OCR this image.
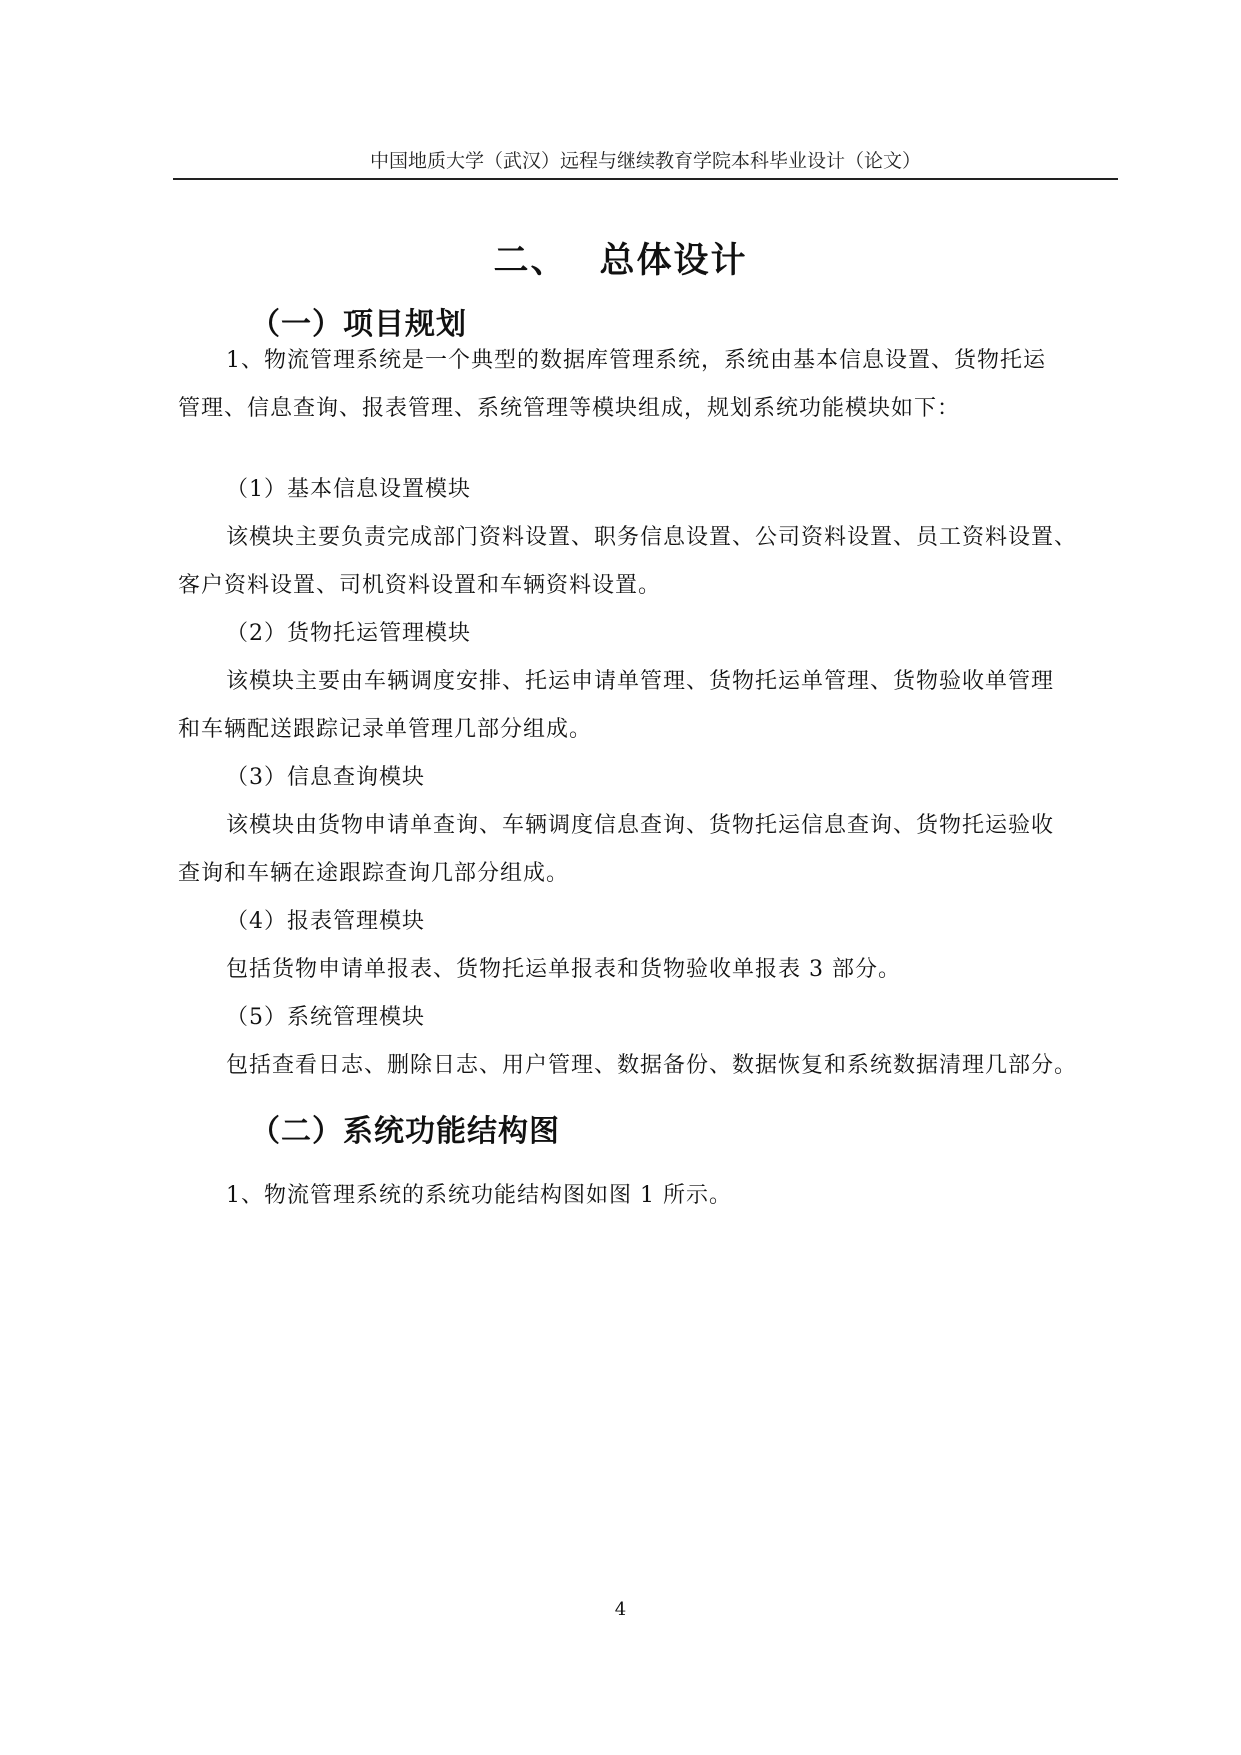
中国地质大学（武汉）远程与继续教育学院本科毕业设计（论文）
二、 总体设计
（一）项目规划

1、物流管理系统是一个典型的数据库管理系统，系统由基本信息设置、货物托运
管理、信息查询、报表管理、系统管理等模块组成，规划系统功能模块如下：

（1）基本信息设置模块

该模块主要负责完成部门资料设置、职务信息设置、公司资料设置、员工资料设置、
客户资料设置、司机资料设置和车辆资料设置。

（2）货物托运管理模块

该模块主要由车辆调度安排、托运申请单管理、货物托运单管理、货物验收单管理
和车辆配送跟踪记录单管理几部分组成。

（3）信息查询模块

该模块由货物申请单查询、车辆调度信息查询、货物托运信息查询、货物托运验收
查询和车辆在途跟踪查询几部分组成。

（4）报表管理模块

包括货物申请单报表、货物托运单报表和货物验收单报表 3 部分。

（5）系统管理模块

包括查看日志、删除日志、用户管理、数据备份、数据恢复和系统数据清理几部分。

（二）系统功能结构图

1、物流管理系统的系统功能结构图如图 1 所示。

4
